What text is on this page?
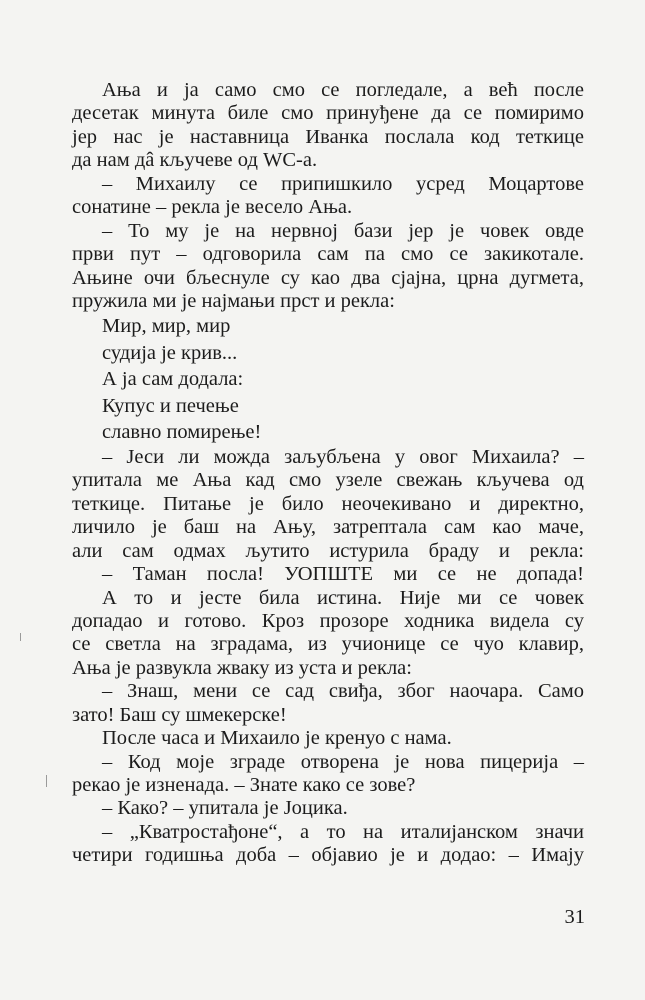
Ања и ја само смо се погледале, а већ после
десетак минута биле смо принуђене да се помиримо
јер нас је наставница Иванка послала код теткице
да нам дâ кључеве од WC-а.
– Михаилу се припишкило усред Моцартове
сонатине – рекла је весело Ања.
– То му је на нервној бази јер је човек овде
први пут – одговорила сам па смо се закикотале.
Ањине очи бљеснуле су као два сјајна, црна дугмета,
пружила ми је најмањи прст и рекла:
Мир, мир, мир
судија је крив...
А ја сам додала:
Купус и печење
славно помирење!
– Јеси ли можда заљубљена у овог Михаила? –
упитала ме Ања кад смо узеле свежањ кључева од
теткице. Питање је било неочекивано и директно,
личило је баш на Ању, затрептала сам као маче,
али сам одмах љутито истурила браду и рекла:
– Таман посла! УОПШТЕ ми се не допада!
А то и јесте била истина. Није ми се човек
допадао и готово. Кроз прозоре ходника видела су
се светла на зградама, из учионице се чуо клавир,
Ања је развукла жваку из уста и рекла:
– Знаш, мени се сад свиђа, због наочара. Само
зато! Баш су шмекерске!
После часа и Михаило је кренуо с нама.
– Код моје зграде отворена је нова пицерија –
рекао је изненада. – Знате како се зове?
– Како? – упитала је Јоцика.
– „Кватростађоне“, а то на италијанском значи
четири годишња доба – објавио је и додао: – Имају
31
